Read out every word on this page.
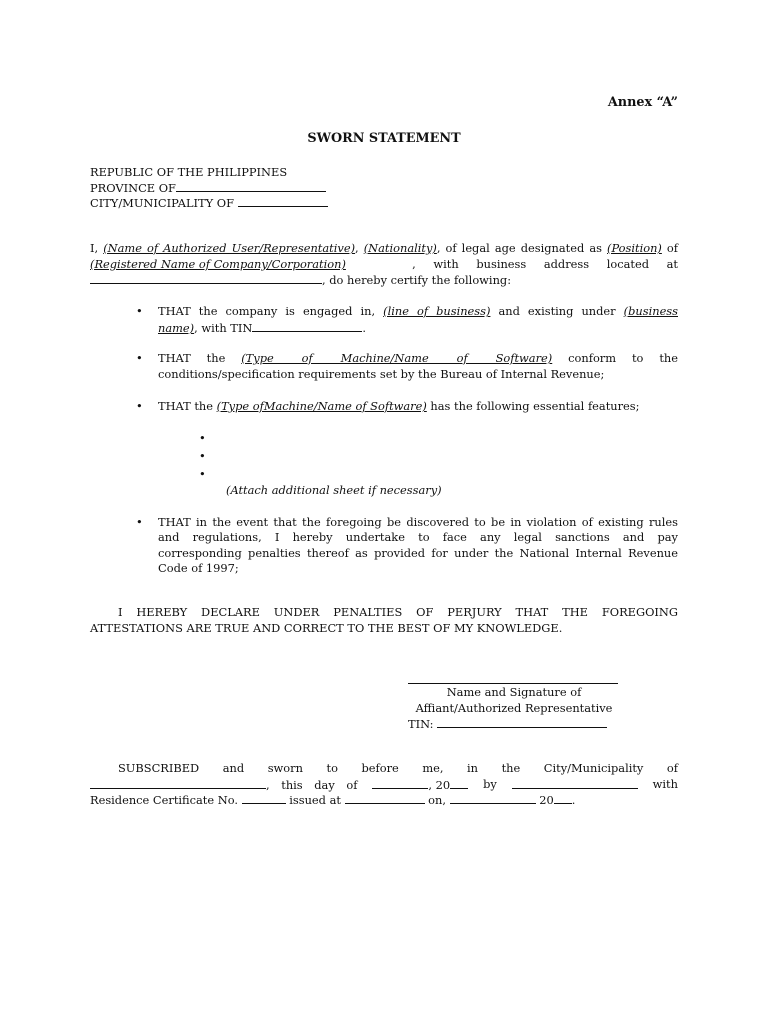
Annex “A”
SWORN STATEMENT
REPUBLIC OF THE PHILIPPINES
PROVINCE OF
CITY/MUNICIPALITY OF
I, (Name of Authorized User/Representative), (Nationality), of legal age designated as (Position) of
(Registered Name of Company/Corporation)	, with business address located at
, do hereby certify the following:
• THAT the company is engaged in, (line of business) and existing under (business
name), with TIN	.
• THAT the (Type of Machine/Name of Software) conform to the
conditions/specification requirements set by the Bureau of Internal Revenue;
• THAT the (Type ofMachine/Name of Software) has the following essential features;
•
•
•
(Attach additional sheet if necessary)
• THAT in the event that the foregoing be discovered to be in violation of existing rules
and regulations, I hereby undertake to face any legal sanctions and pay
corresponding penalties thereof as provided for under the National Internal Revenue
Code of 1997;
I HEREBY DECLARE UNDER PENALTIES OF PERJURY THAT THE FOREGOING
ATTESTATIONS ARE TRUE AND CORRECT TO THE BEST OF MY KNOWLEDGE.
Name and Signature of
Affiant/Authorized Representative
TIN:
SUBSCRIBED and sworn to before me, in the City/Municipality of
, this day of	, 20	by	with
Residence Certificate No.	issued at	on,	20 .
